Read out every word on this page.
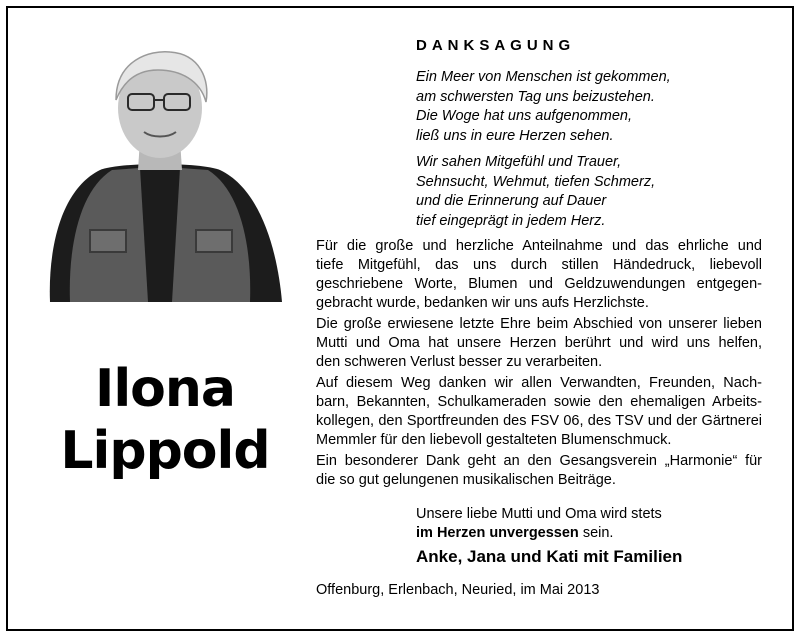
Ilona
Lippold
DANKSAGUNG
Ein Meer von Menschen ist gekommen,
am schwersten Tag uns beizustehen.
Die Woge hat uns aufgenommen,
ließ uns in eure Herzen sehen.
Wir sahen Mitgefühl und Trauer,
Sehnsucht, Wehmut, tiefen Schmerz,
und die Erinnerung auf Dauer
tief eingeprägt in jedem Herz.
Für die große und herzliche Anteilnahme und das ehrliche und
tiefe Mitgefühl, das uns durch stillen Händedruck, liebevoll
geschriebene Worte, Blumen und Geldzuwendungen entgegen-
gebracht wurde, bedanken wir uns aufs Herzlichste.
Die große erwiesene letzte Ehre beim Abschied von unserer lieben
Mutti und Oma hat unsere Herzen berührt und wird uns helfen,
den schweren Verlust besser zu verarbeiten.
Auf diesem Weg danken wir allen Verwandten, Freunden, Nach-
barn, Bekannten, Schulkameraden sowie den ehemaligen Arbeits-
kollegen, den Sportfreunden des FSV 06, des TSV und der Gärtnerei
Memmler für den liebevoll gestalteten Blumenschmuck.
Ein besonderer Dank geht an den Gesangsverein „Harmonie“ für
die so gut gelungenen musikalischen Beiträge.
Unsere liebe Mutti und Oma wird stets
im Herzen unvergessen sein.
Anke, Jana und Kati mit Familien
Offenburg, Erlenbach, Neuried, im Mai 2013
